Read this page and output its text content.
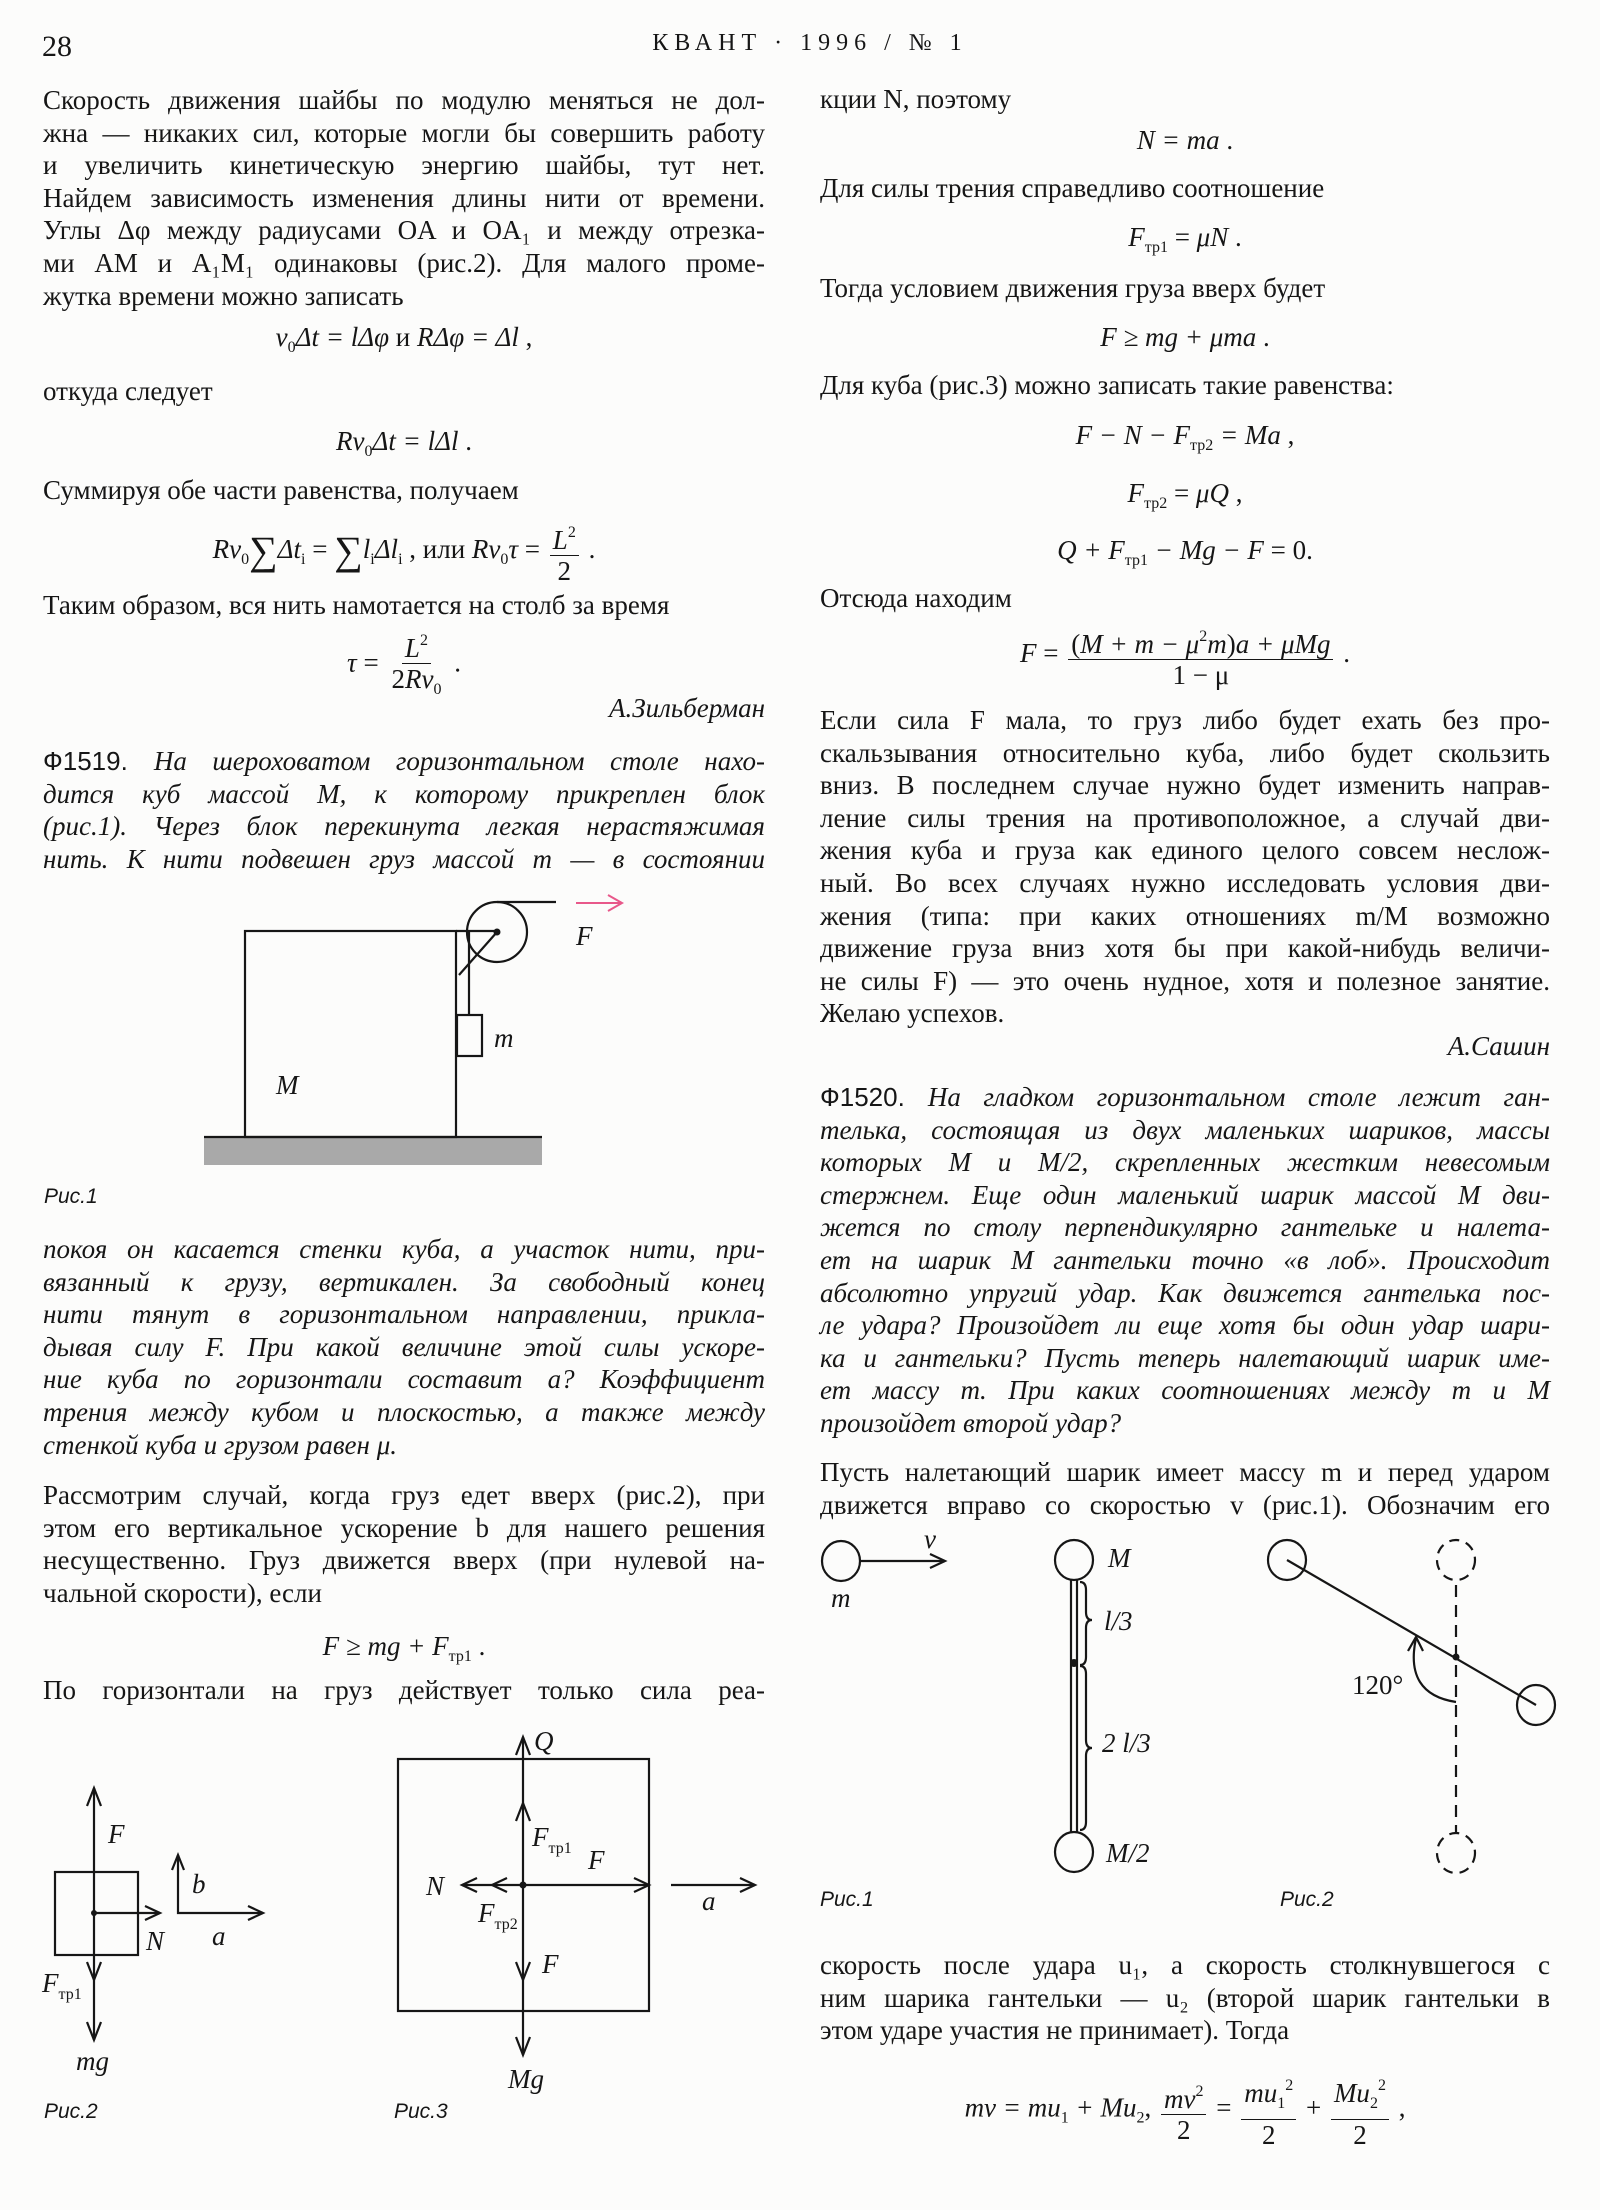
28	КВАНТ · 1996 / № 1
Скорость движения шайбы по модулю меняться не дол-
жна — никаких сил, которые могли бы совершить работу
и увеличить кинетическую энергию шайбы, тут нет.
Найдем зависимость изменения длины нити от времени.
Углы Δφ между радиусами OA и OA₁ и между отрезка-
ми AM и A₁M₁ одинаковы (рис.2). Для малого проме-
жутка времени можно записать
$v_0\Delta t = l\Delta\varphi$ и RΔφ = Δl ,
откуда следует
$Rv_0\Delta t = l\Delta l$ .
Суммируя обе части равенства, получаем
$Rv_0\sum\Delta t_i = \sum l_i\Delta l_i$ , или $Rv_0\tau = \frac{L^2}{2}$ .
Таким образом, вся нить намотается на столб за время
$\tau = \frac{L^2}{2Rv_0}$ .
А.Зильберман
Ф1519. На шероховатом горизонтальном столе нахо-
дится куб массой M, к которому прикреплен блок
(рис.1). Через блок перекинута легкая нерастяжимая
нить. К нити подвешен груз массой m — в состоянии
покоя он касается стенки куба, а участок нити, при-
вязанный к грузу, вертикален. За свободный конец
нити тянут в горизонтальном направлении, прикла-
дывая силу F. При какой величине этой силы ускоре-
ние куба по горизонтали составит a? Коэффициент
трения между кубом и плоскостью, а также между
стенкой куба и грузом равен μ.
Рассмотрим случай, когда груз едет вверх (рис.2), при
этом его вертикальное ускорение b для нашего решения
несущественно. Груз движется вверх (при нулевой на-
чальной скорости), если
F ≥ mg + $F_{тр1}$ .
По горизонтали на груз действует только сила реа-
кции N, поэтому
N = ma .
Для силы трения справедливо соотношение
$F_{тр1} = \mu N$ .
Тогда условием движения груза вверх будет
F ≥ mg + μma .
Для куба (рис.3) можно записать такие равенства:
$F - N - F_{тр2} = Ma$ ,
$F_{тр2} = \mu Q$ ,
$Q + F_{тр1} - Mg - F = 0$.
Отсюда находим
$F = \frac{(M + m - \mu^2m)a + \mu Mg}{1 - \mu}$ .
Если сила F мала, то груз либо будет ехать без про-
скальзывания относительно куба, либо будет скользить
вниз. В последнем случае нужно будет изменить направ-
ление силы трения на противоположное, а случай дви-
жения куба и груза как единого целого совсем неслож-
ный. Во всех случаях нужно исследовать условия дви-
жения (типа: при каких отношениях m/M возможно
движение груза вниз хотя бы при какой-нибудь величи-
не силы F) — это очень нудное, хотя и полезное занятие.
Желаю успехов.
А.Сашин
Ф1520. На гладком горизонтальном столе лежит ган-
телька, состоящая из двух маленьких шариков, массы
которых M и M/2, скрепленных жестким невесомым
стержнем. Еще один маленький шарик массой M дви-
жется по столу перпендикулярно гантельке и налета-
ет на шарик M гантельки точно «в лоб». Происходит
абсолютно упругий удар. Как движется гантелька пос-
ле удара? Произойдет ли еще хотя бы один удар шари-
ка и гантельки? Пусть теперь налетающий шарик име-
ет массу m. При каких соотношениях между m и M
произойдет второй удар?
Пусть налетающий шарик имеет массу m и перед ударом
движется вправо со скоростью v (рис.1). Обозначим его
скорость после удара u₁, а скорость столкнувшегося с
ним шарика гантельки — u₂ (второй шарик гантельки в
этом ударе участия не принимает). Тогда
mv = $mu_1 + Mu_2$, $\frac{mv^2}{2} = \frac{mu_1^2}{2} + \frac{Mu_2^2}{2}$ ,
F
m
M
Рис.1
F
b
a
N
$F_{тр1}$
mg
Рис.2
Q
$F_{тр1}$ F
N
$F_{тр2}$
F
Mg
a
Рис.3
v
m
M
l/3
2 l/3
M/2
Рис.1
120°
Рис.2
